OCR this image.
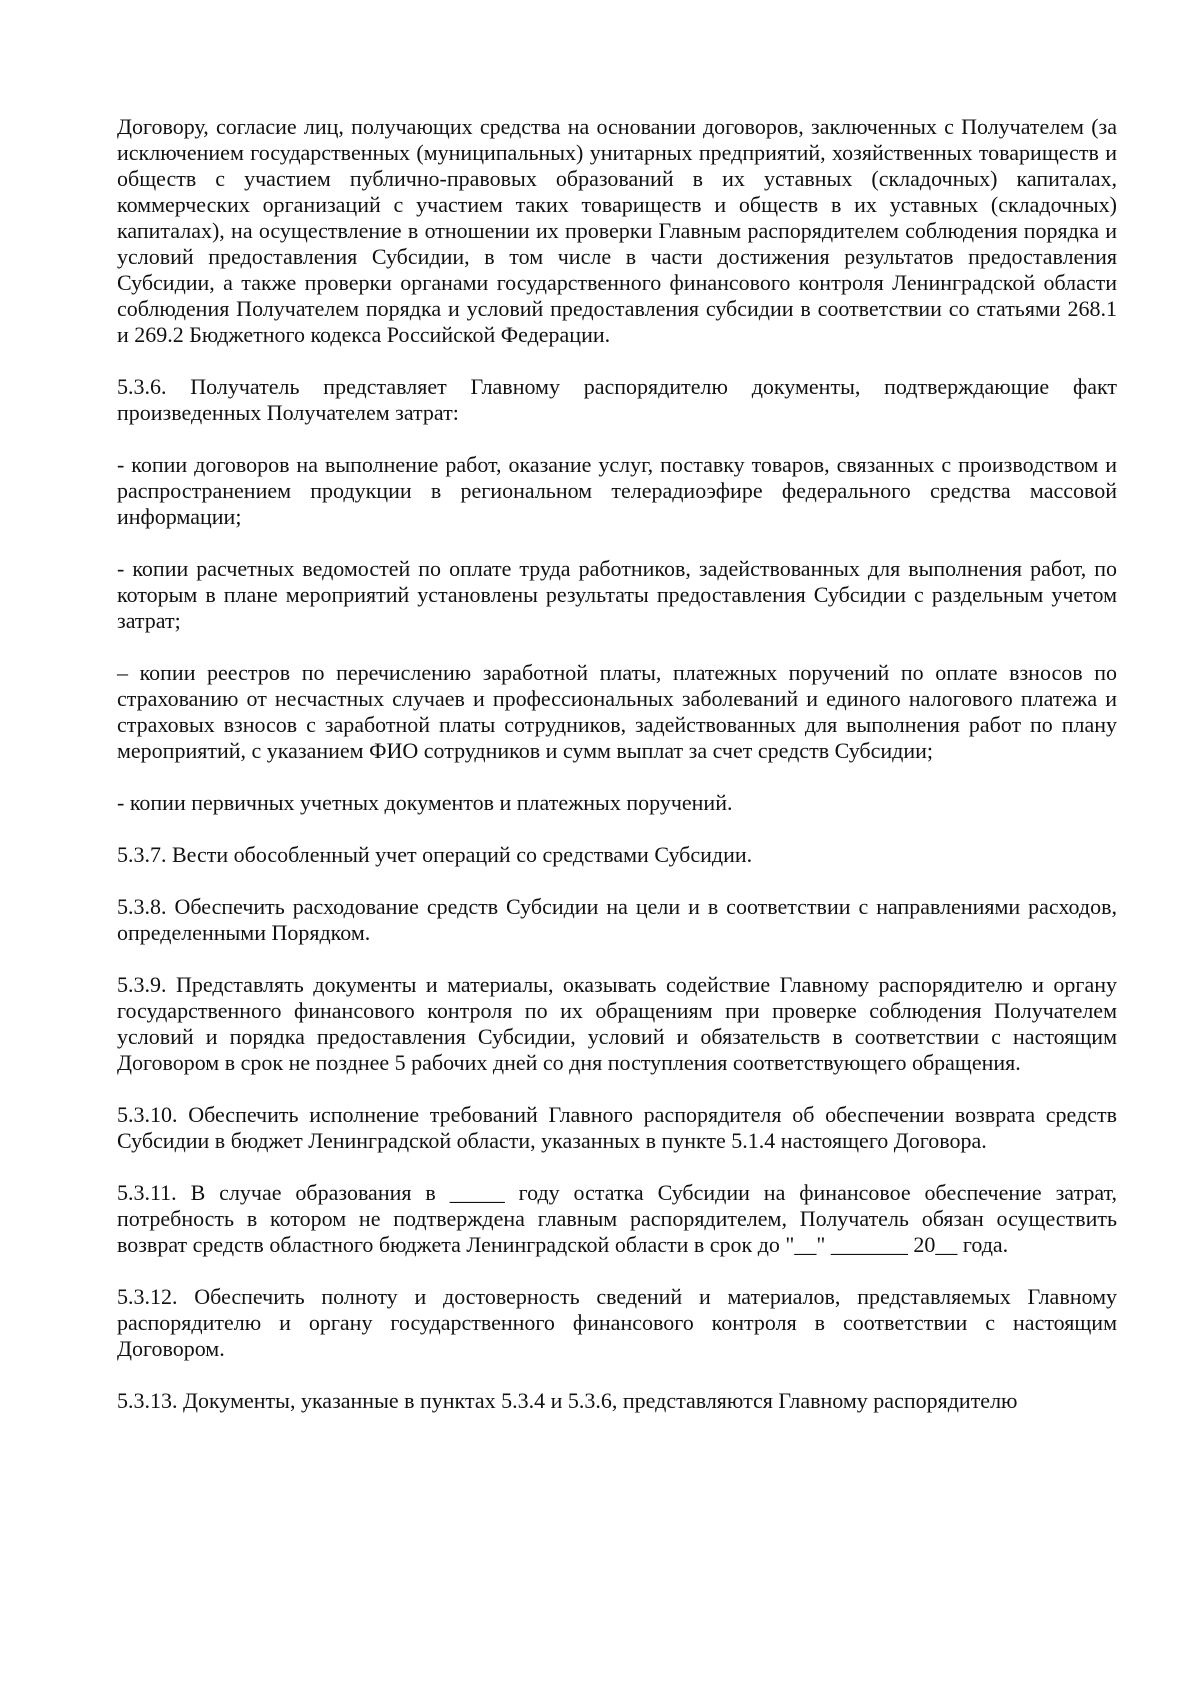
Договору, согласие лиц, получающих средства на основании договоров, заключенных с Получателем (за исключением государственных (муниципальных) унитарных предприятий, хозяйственных товариществ и обществ с участием публично-правовых образований в их уставных (складочных) капиталах, коммерческих организаций с участием таких товариществ и обществ в их уставных (складочных) капиталах), на осуществление в отношении их проверки Главным распорядителем соблюдения порядка и условий предоставления Субсидии, в том числе в части достижения результатов предоставления Субсидии, а также проверки органами государственного финансового контроля Ленинградской области соблюдения Получателем порядка и условий предоставления субсидии в соответствии со статьями 268.1 и 269.2 Бюджетного кодекса Российской Федерации.

5.3.6. Получатель представляет Главному распорядителю документы, подтверждающие факт произведенных Получателем затрат:

- копии договоров на выполнение работ, оказание услуг, поставку товаров, связанных с производством и распространением продукции в региональном телерадиоэфире федерального средства массовой информации;

- копии расчетных ведомостей по оплате труда работников, задействованных для выполнения работ, по которым в плане мероприятий установлены результаты предоставления Субсидии с раздельным учетом затрат;

– копии реестров по перечислению заработной платы, платежных поручений по оплате взносов по страхованию от несчастных случаев и профессиональных заболеваний и единого налогового платежа и страховых взносов с заработной платы сотрудников, задействованных для выполнения работ по плану мероприятий, с указанием ФИО сотрудников и сумм выплат за счет средств Субсидии;

- копии первичных учетных документов и платежных поручений.

5.3.7. Вести обособленный учет операций со средствами Субсидии.

5.3.8. Обеспечить расходование средств Субсидии на цели и в соответствии с направлениями расходов, определенными Порядком.

5.3.9. Представлять документы и материалы, оказывать содействие Главному распорядителю и органу государственного финансового контроля по их обращениям при проверке соблюдения Получателем условий и порядка предоставления Субсидии, условий и обязательств в соответствии с настоящим Договором в срок не позднее 5 рабочих дней со дня поступления соответствующего обращения.

5.3.10. Обеспечить исполнение требований Главного распорядителя об обеспечении возврата средств Субсидии в бюджет Ленинградской области, указанных в пункте 5.1.4 настоящего Договора.

5.3.11. В случае образования в _____ году остатка Субсидии на финансовое обеспечение затрат, потребность в котором не подтверждена главным распорядителем, Получатель обязан осуществить возврат средств областного бюджета Ленинградской области в срок до "__" _______ 20__ года.

5.3.12. Обеспечить полноту и достоверность сведений и материалов, представляемых Главному распорядителю и органу государственного финансового контроля в соответствии с настоящим Договором.

5.3.13. Документы, указанные в пунктах 5.3.4 и 5.3.6, представляются Главному распорядителю
